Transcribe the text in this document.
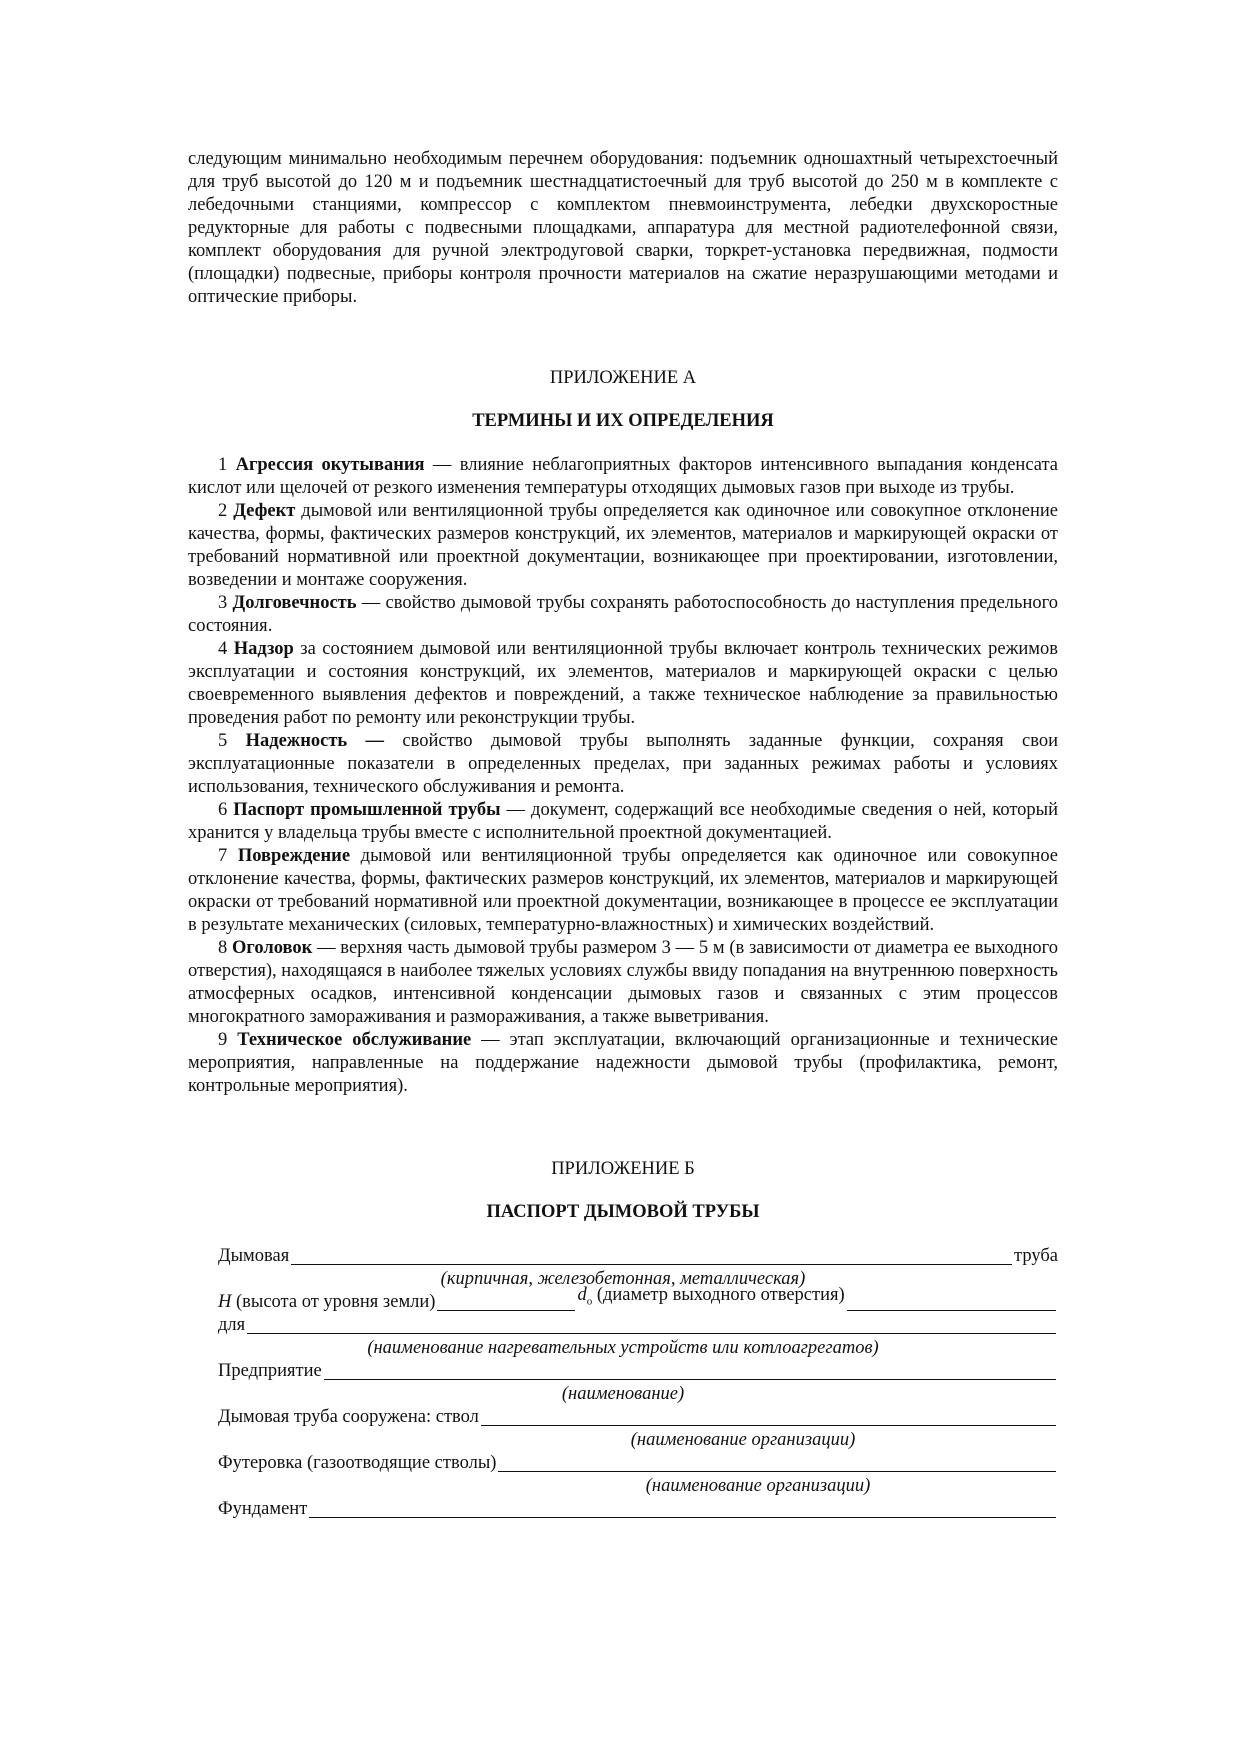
следующим минимально необходимым перечнем оборудования: подъемник одношахтный четырехстоечный для труб высотой до 120 м и подъемник шестнадцатистоечный для труб высотой до 250 м в комплекте с лебедочными станциями, компрессор с комплектом пневмоинструмента, лебедки двухскоростные редукторные для работы с подвесными площадками, аппаратура для местной радиотелефонной связи, комплект оборудования для ручной электродуговой сварки, торкрет-установка передвижная, подмости (площадки) подвесные, приборы контроля прочности материалов на сжатие неразрушающими методами и оптические приборы.

ПРИЛОЖЕНИЕ А

ТЕРМИНЫ И ИХ ОПРЕДЕЛЕНИЯ

1 Агрессия окутывания — влияние неблагоприятных факторов интенсивного выпадания конденсата кислот или щелочей от резкого изменения температуры отходящих дымовых газов при выходе из трубы.

2 Дефект дымовой или вентиляционной трубы определяется как одиночное или совокупное отклонение качества, формы, фактических размеров конструкций, их элементов, материалов и маркирующей окраски от требований нормативной или проектной документации, возникающее при проектировании, изготовлении, возведении и монтаже сооружения.

3 Долговечность — свойство дымовой трубы сохранять работоспособность до наступления предельного состояния.

4 Надзор за состоянием дымовой или вентиляционной трубы включает контроль технических режимов эксплуатации и состояния конструкций, их элементов, материалов и маркирующей окраски с целью своевременного выявления дефектов и повреждений, а также техническое наблюдение за правильностью проведения работ по ремонту или реконструкции трубы.

5 Надежность — свойство дымовой трубы выполнять заданные функции, сохраняя свои эксплуатационные показатели в определенных пределах, при заданных режимах работы и условиях использования, технического обслуживания и ремонта.

6 Паспорт промышленной трубы — документ, содержащий все необходимые сведения о ней, который хранится у владельца трубы вместе с исполнительной проектной документацией.

7 Повреждение дымовой или вентиляционной трубы определяется как одиночное или совокупное отклонение качества, формы, фактических размеров конструкций, их элементов, материалов и маркирующей окраски от требований нормативной или проектной документации, возникающее в процессе ее эксплуатации в результате механических (силовых, температурно-влажностных) и химических воздействий.

8 Оголовок — верхняя часть дымовой трубы размером 3 — 5 м (в зависимости от диаметра ее выходного отверстия), находящаяся в наиболее тяжелых условиях службы ввиду попадания на внутреннюю поверхность атмосферных осадков, интенсивной конденсации дымовых газов и связанных с этим процессов многократного замораживания и размораживания, а также выветривания.

9 Техническое обслуживание — этап эксплуатации, включающий организационные и технические мероприятия, направленные на поддержание надежности дымовой трубы (профилактика, ремонт, контрольные мероприятия).

ПРИЛОЖЕНИЕ Б

ПАСПОРТ ДЫМОВОЙ ТРУБЫ

Дымовая	труба
(кирпичная, железобетонная, металлическая)
H (высота от уровня земли)	$d_o$ (диаметр выходного отверстия)
для
(наименование нагревательных устройств или котлоагрегатов)
Предприятие
(наименование)
Дымовая труба сооружена: ствол
(наименование организации)
Футеровка (газоотводящие стволы)
(наименование организации)
Фундамент
